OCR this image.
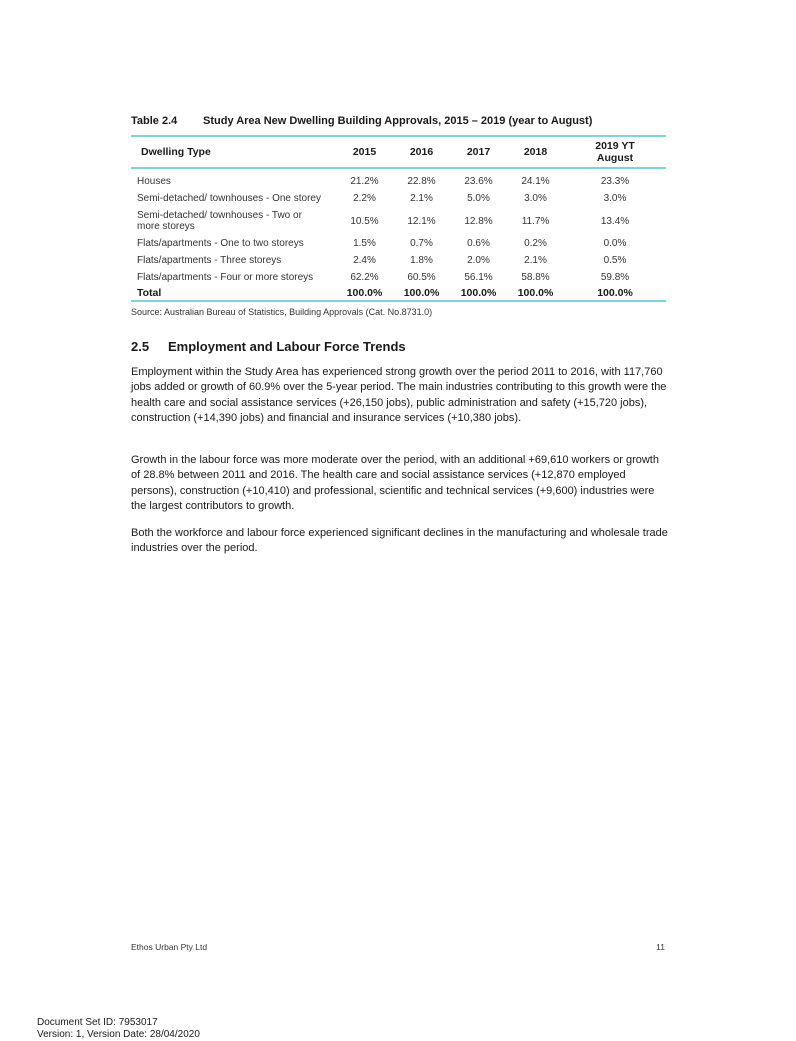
Table 2.4 Study Area New Dwelling Building Approvals, 2015 – 2019 (year to August)
Dwelling Type	2015	2016	2017	2018	2019 YT
August
Houses	21.2%	22.8%	23.6%	24.1%	23.3%
Semi-detached/ townhouses - One storey	2.2%	2.1%	5.0%	3.0%	3.0%
Semi-detached/ townhouses - Two or
more storeys	10.5%	12.1%	12.8%	11.7%	13.4%
Flats/apartments - One to two storeys	1.5%	0.7%	0.6%	0.2%	0.0%
Flats/apartments - Three storeys	2.4%	1.8%	2.0%	2.1%	0.5%
Flats/apartments - Four or more storeys	62.2%	60.5%	56.1%	58.8%	59.8%
Total	100.0%	100.0%	100.0%	100.0%	100.0%
Source: Australian Bureau of Statistics, Building Approvals (Cat. No.8731.0)
2.5 Employment and Labour Force Trends

Employment within the Study Area has experienced strong growth over the period 2011 to 2016, with 117,760 jobs added or growth of 60.9% over the 5-year period. The main industries contributing to this growth were the health care and social assistance services (+26,150 jobs), public administration and safety (+15,720 jobs), construction (+14,390 jobs) and financial and insurance services (+10,380 jobs).

Growth in the labour force was more moderate over the period, with an additional +69,610 workers or growth of 28.8% between 2011 and 2016. The health care and social assistance services (+12,870 employed persons), construction (+10,410) and professional, scientific and technical services (+9,600) industries were the largest contributors to growth.

Both the workforce and labour force experienced significant declines in the manufacturing and wholesale trade industries over the period.

Ethos Urban Pty Ltd	11
Document Set ID: 7953017
Version: 1, Version Date: 28/04/2020
